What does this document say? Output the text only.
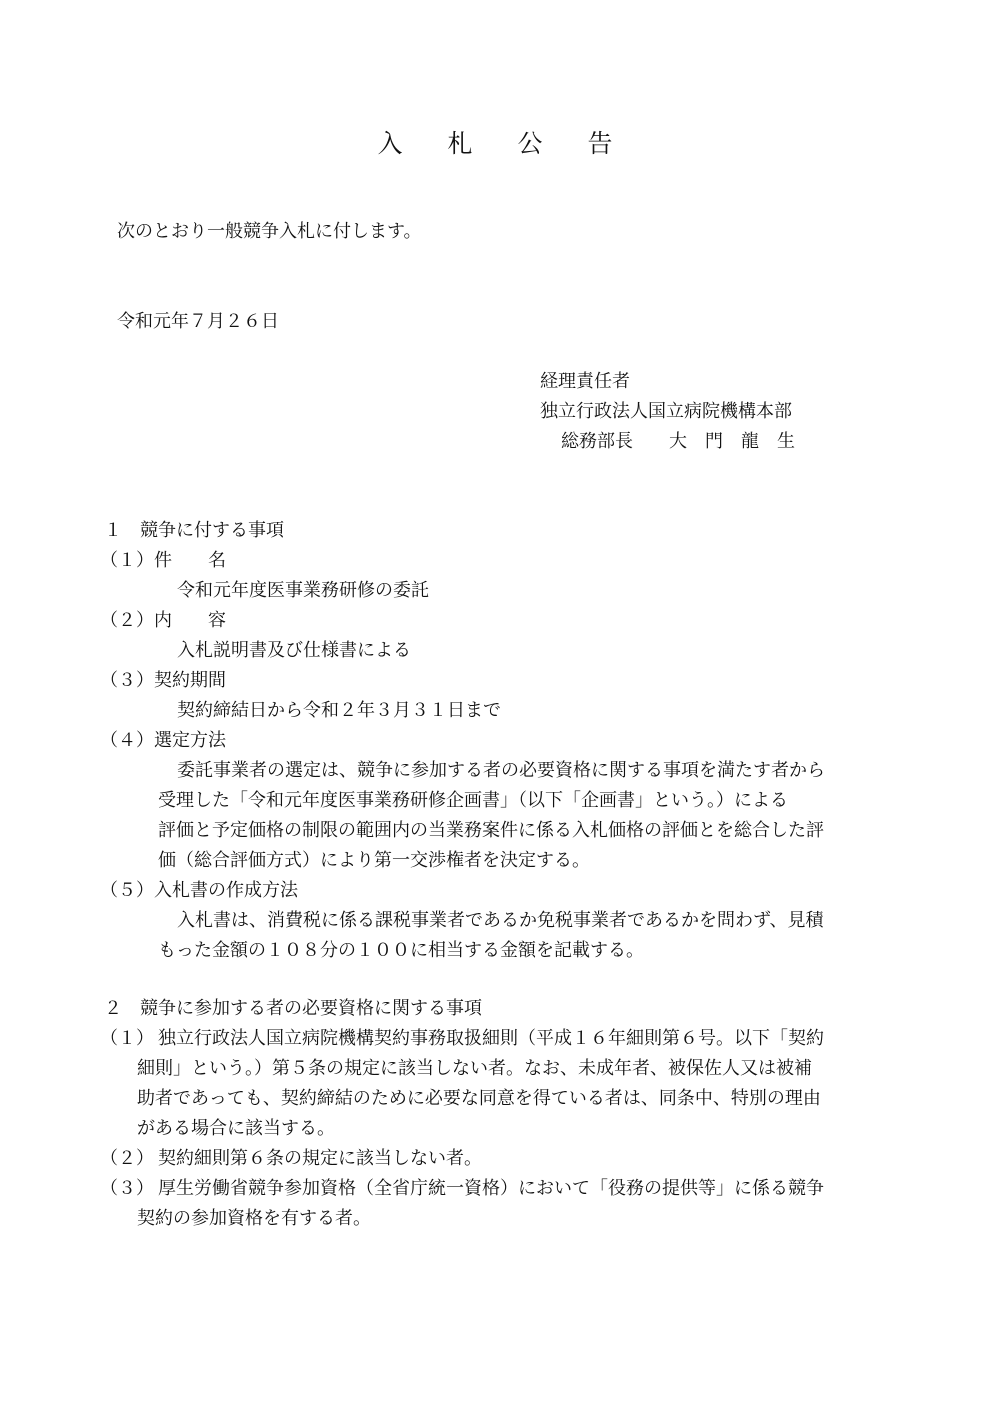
入　札　公　告
次のとおり一般競争入札に付します。
令和元年７月２６日
経理責任者
独立行政法人国立病院機構本部
総務部長　　大　門　龍　生
１　競争に付する事項
（１）件　　名
令和元年度医事業務研修の委託
（２）内　　容
入札説明書及び仕様書による
（３）契約期間
契約締結日から令和２年３月３１日まで
（４）選定方法
委託事業者の選定は、競争に参加する者の必要資格に関する事項を満たす者から
受理した「令和元年度医事業務研修企画書」（以下「企画書」という。）による
評価と予定価格の制限の範囲内の当業務案件に係る入札価格の評価とを総合した評
価（総合評価方式）により第一交渉権者を決定する。
（５）入札書の作成方法
入札書は、消費税に係る課税事業者であるか免税事業者であるかを問わず、見積
もった金額の１０８分の１００に相当する金額を記載する。
２　競争に参加する者の必要資格に関する事項
（１） 独立行政法人国立病院機構契約事務取扱細則（平成１６年細則第６号。以下「契約
細則」という。）第５条の規定に該当しない者。なお、未成年者、被保佐人又は被補
助者であっても、契約締結のために必要な同意を得ている者は、同条中、特別の理由
がある場合に該当する。
（２） 契約細則第６条の規定に該当しない者。
（３） 厚生労働省競争参加資格（全省庁統一資格）において「役務の提供等」に係る競争
契約の参加資格を有する者。
